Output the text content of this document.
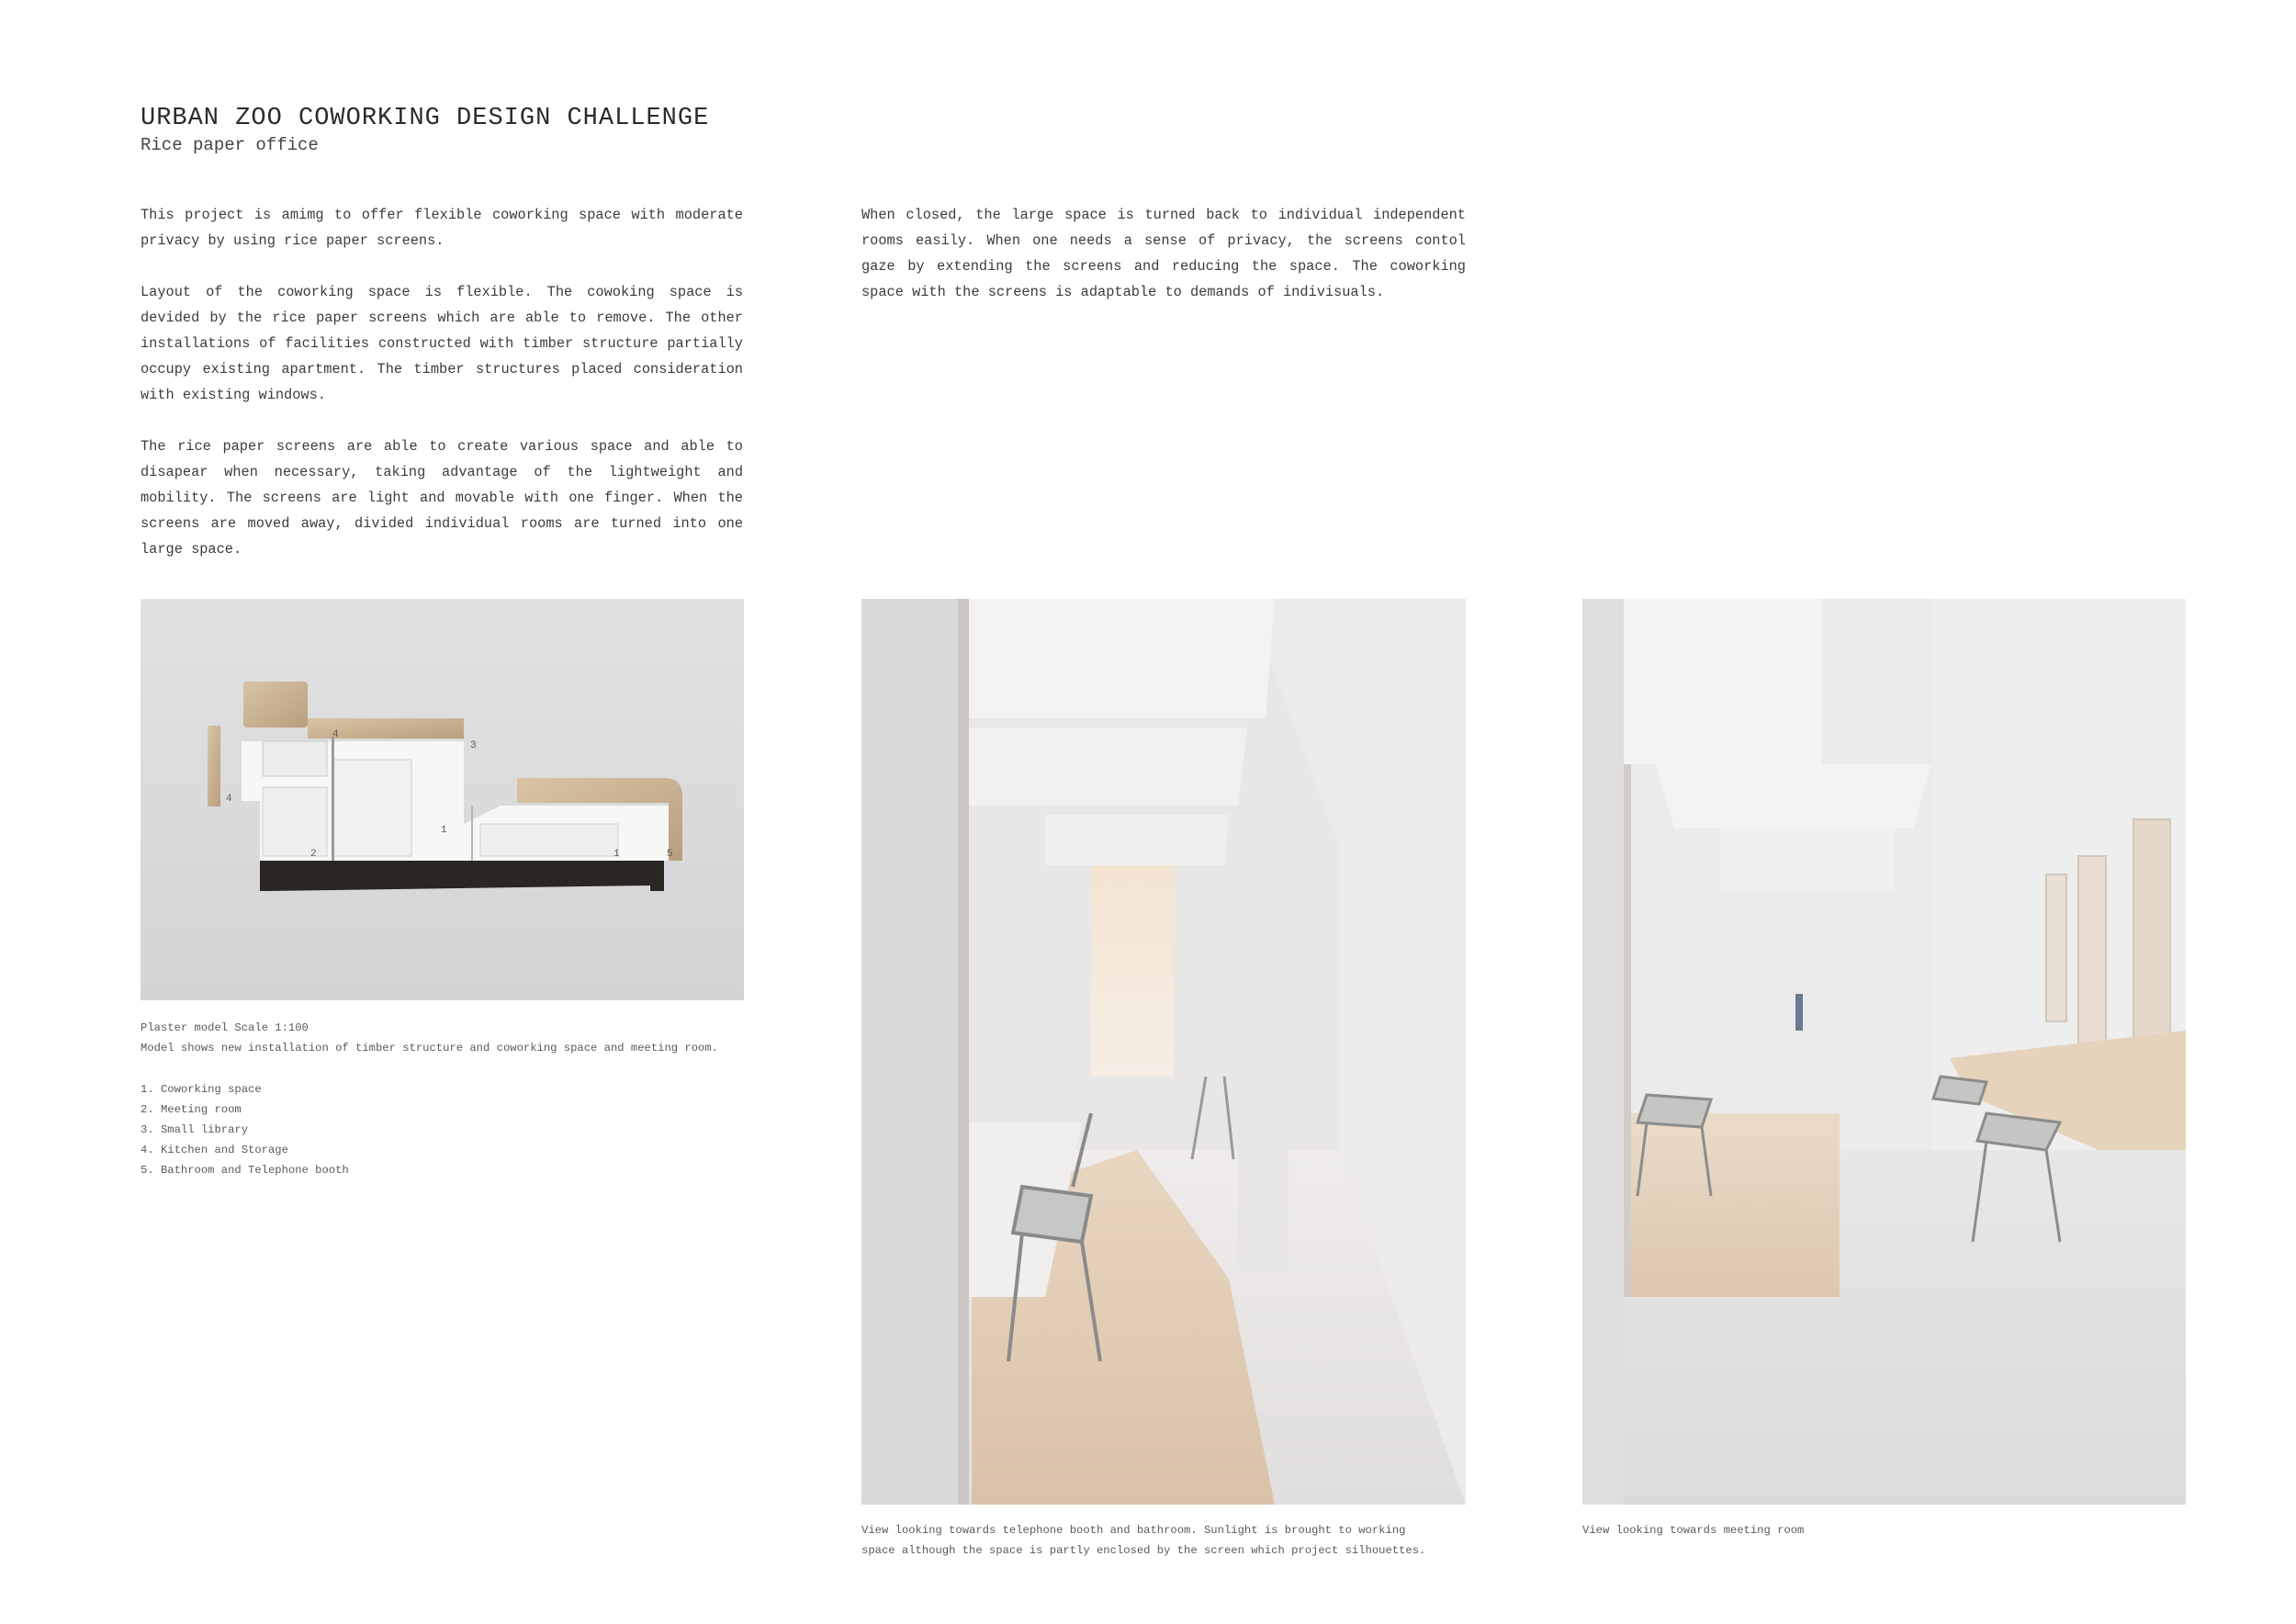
URBAN ZOO COWORKING DESIGN CHALLENGE
Rice paper office

This project is amimg to offer flexible coworking space with moderate privacy by using rice paper screens.

Layout of the coworking space is flexible. The cowoking space is devided by the rice paper screens which are able to remove. The other installations of facilities constructed with timber structure partially occupy existing apartment. The timber structures placed consideration with existing windows.

The rice paper screens are able to create various space and able to disapear when necessary, taking advantage of the lightweight and mobility. The screens are light and movable with one finger. When the screens are moved away, divided individual rooms are turned into one large space.

When closed, the large space is turned back to individual independent rooms easily. When one needs a sense of privacy, the screens contol gaze by extending the screens and reducing the space. The coworking space with the screens is adaptable to demands of indivisuals.

4
3
4
1
2	1	5
Plaster model Scale 1:100
Model shows new installation of timber structure and coworking space and meeting room.
1. Coworking space
2. Meeting room
3. Small library
4. Kitchen and Storage
5. Bathroom and Telephone booth
View looking towards telephone booth and bathroom. Sunlight is brought to working
space although the space is partly enclosed by the screen which project silhouettes.
View looking towards meeting room
